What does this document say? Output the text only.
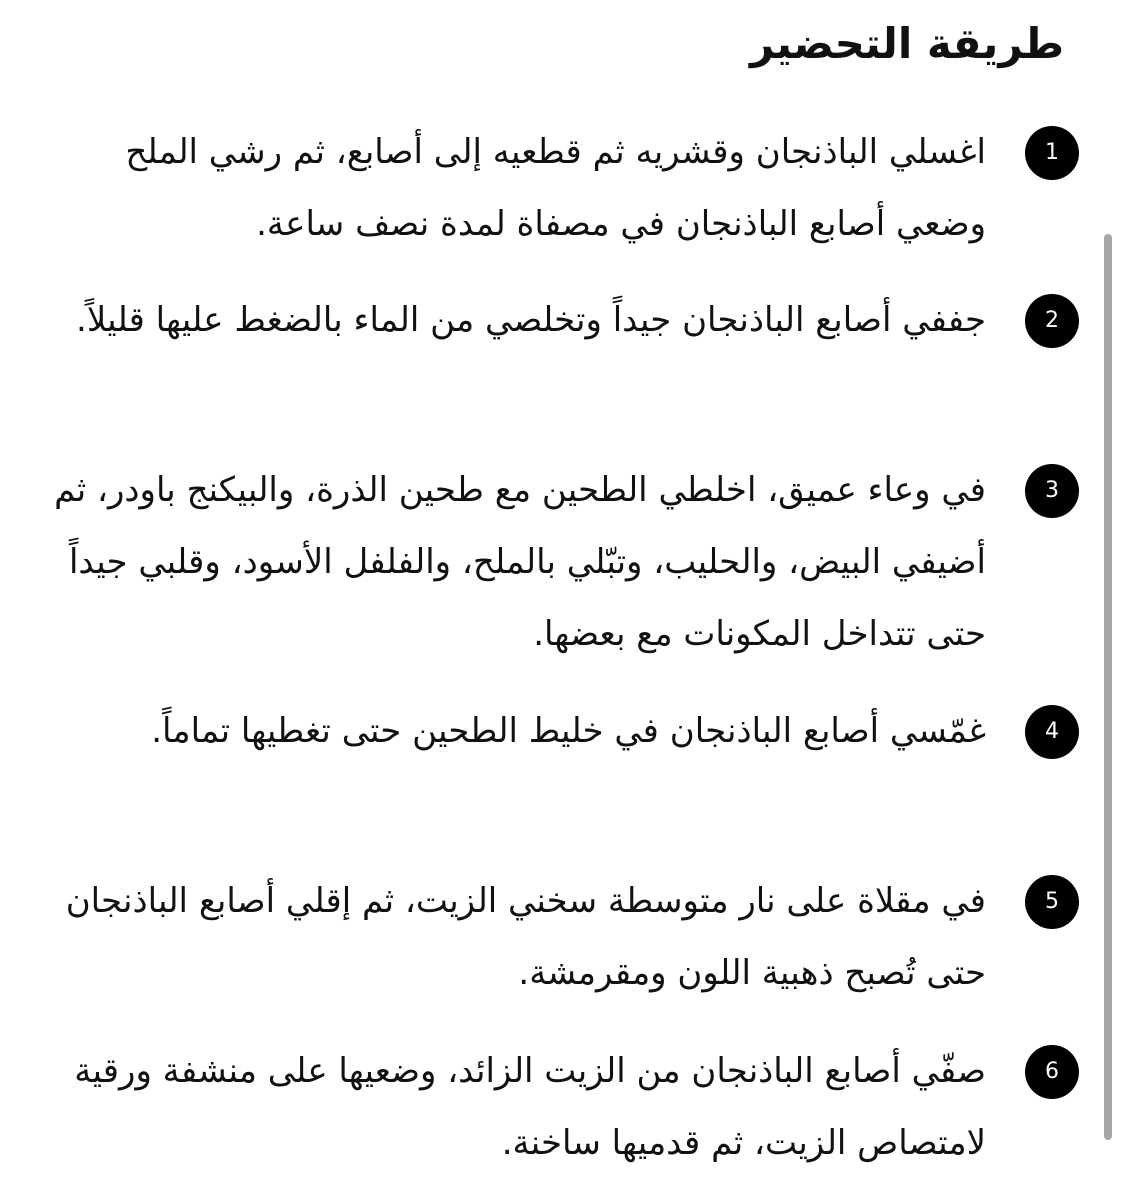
طريقة التحضير
1
اغسلي الباذنجان وقشريه ثم قطعيه إلى أصابع، ثم رشي الملح وضعي أصابع الباذنجان في مصفاة لمدة نصف ساعة.
2
جففي أصابع الباذنجان جيداً وتخلصي من الماء بالضغط عليها قليلاً.
3
في وعاء عميق، اخلطي الطحين مع طحين الذرة، والبيكنج باودر، ثم أضيفي البيض، والحليب، وتبّلي بالملح، والفلفل الأسود، وقلبي جيداً حتى تتداخل المكونات مع بعضها.
4
غمّسي أصابع الباذنجان في خليط الطحين حتى تغطيها تماماً.
5
في مقلاة على نار متوسطة سخني الزيت، ثم إقلي أصابع الباذنجان حتى تُصبح ذهبية اللون ومقرمشة.
6
صفّي أصابع الباذنجان من الزيت الزائد، وضعيها على منشفة ورقية لامتصاص الزيت، ثم قدميها ساخنة.
